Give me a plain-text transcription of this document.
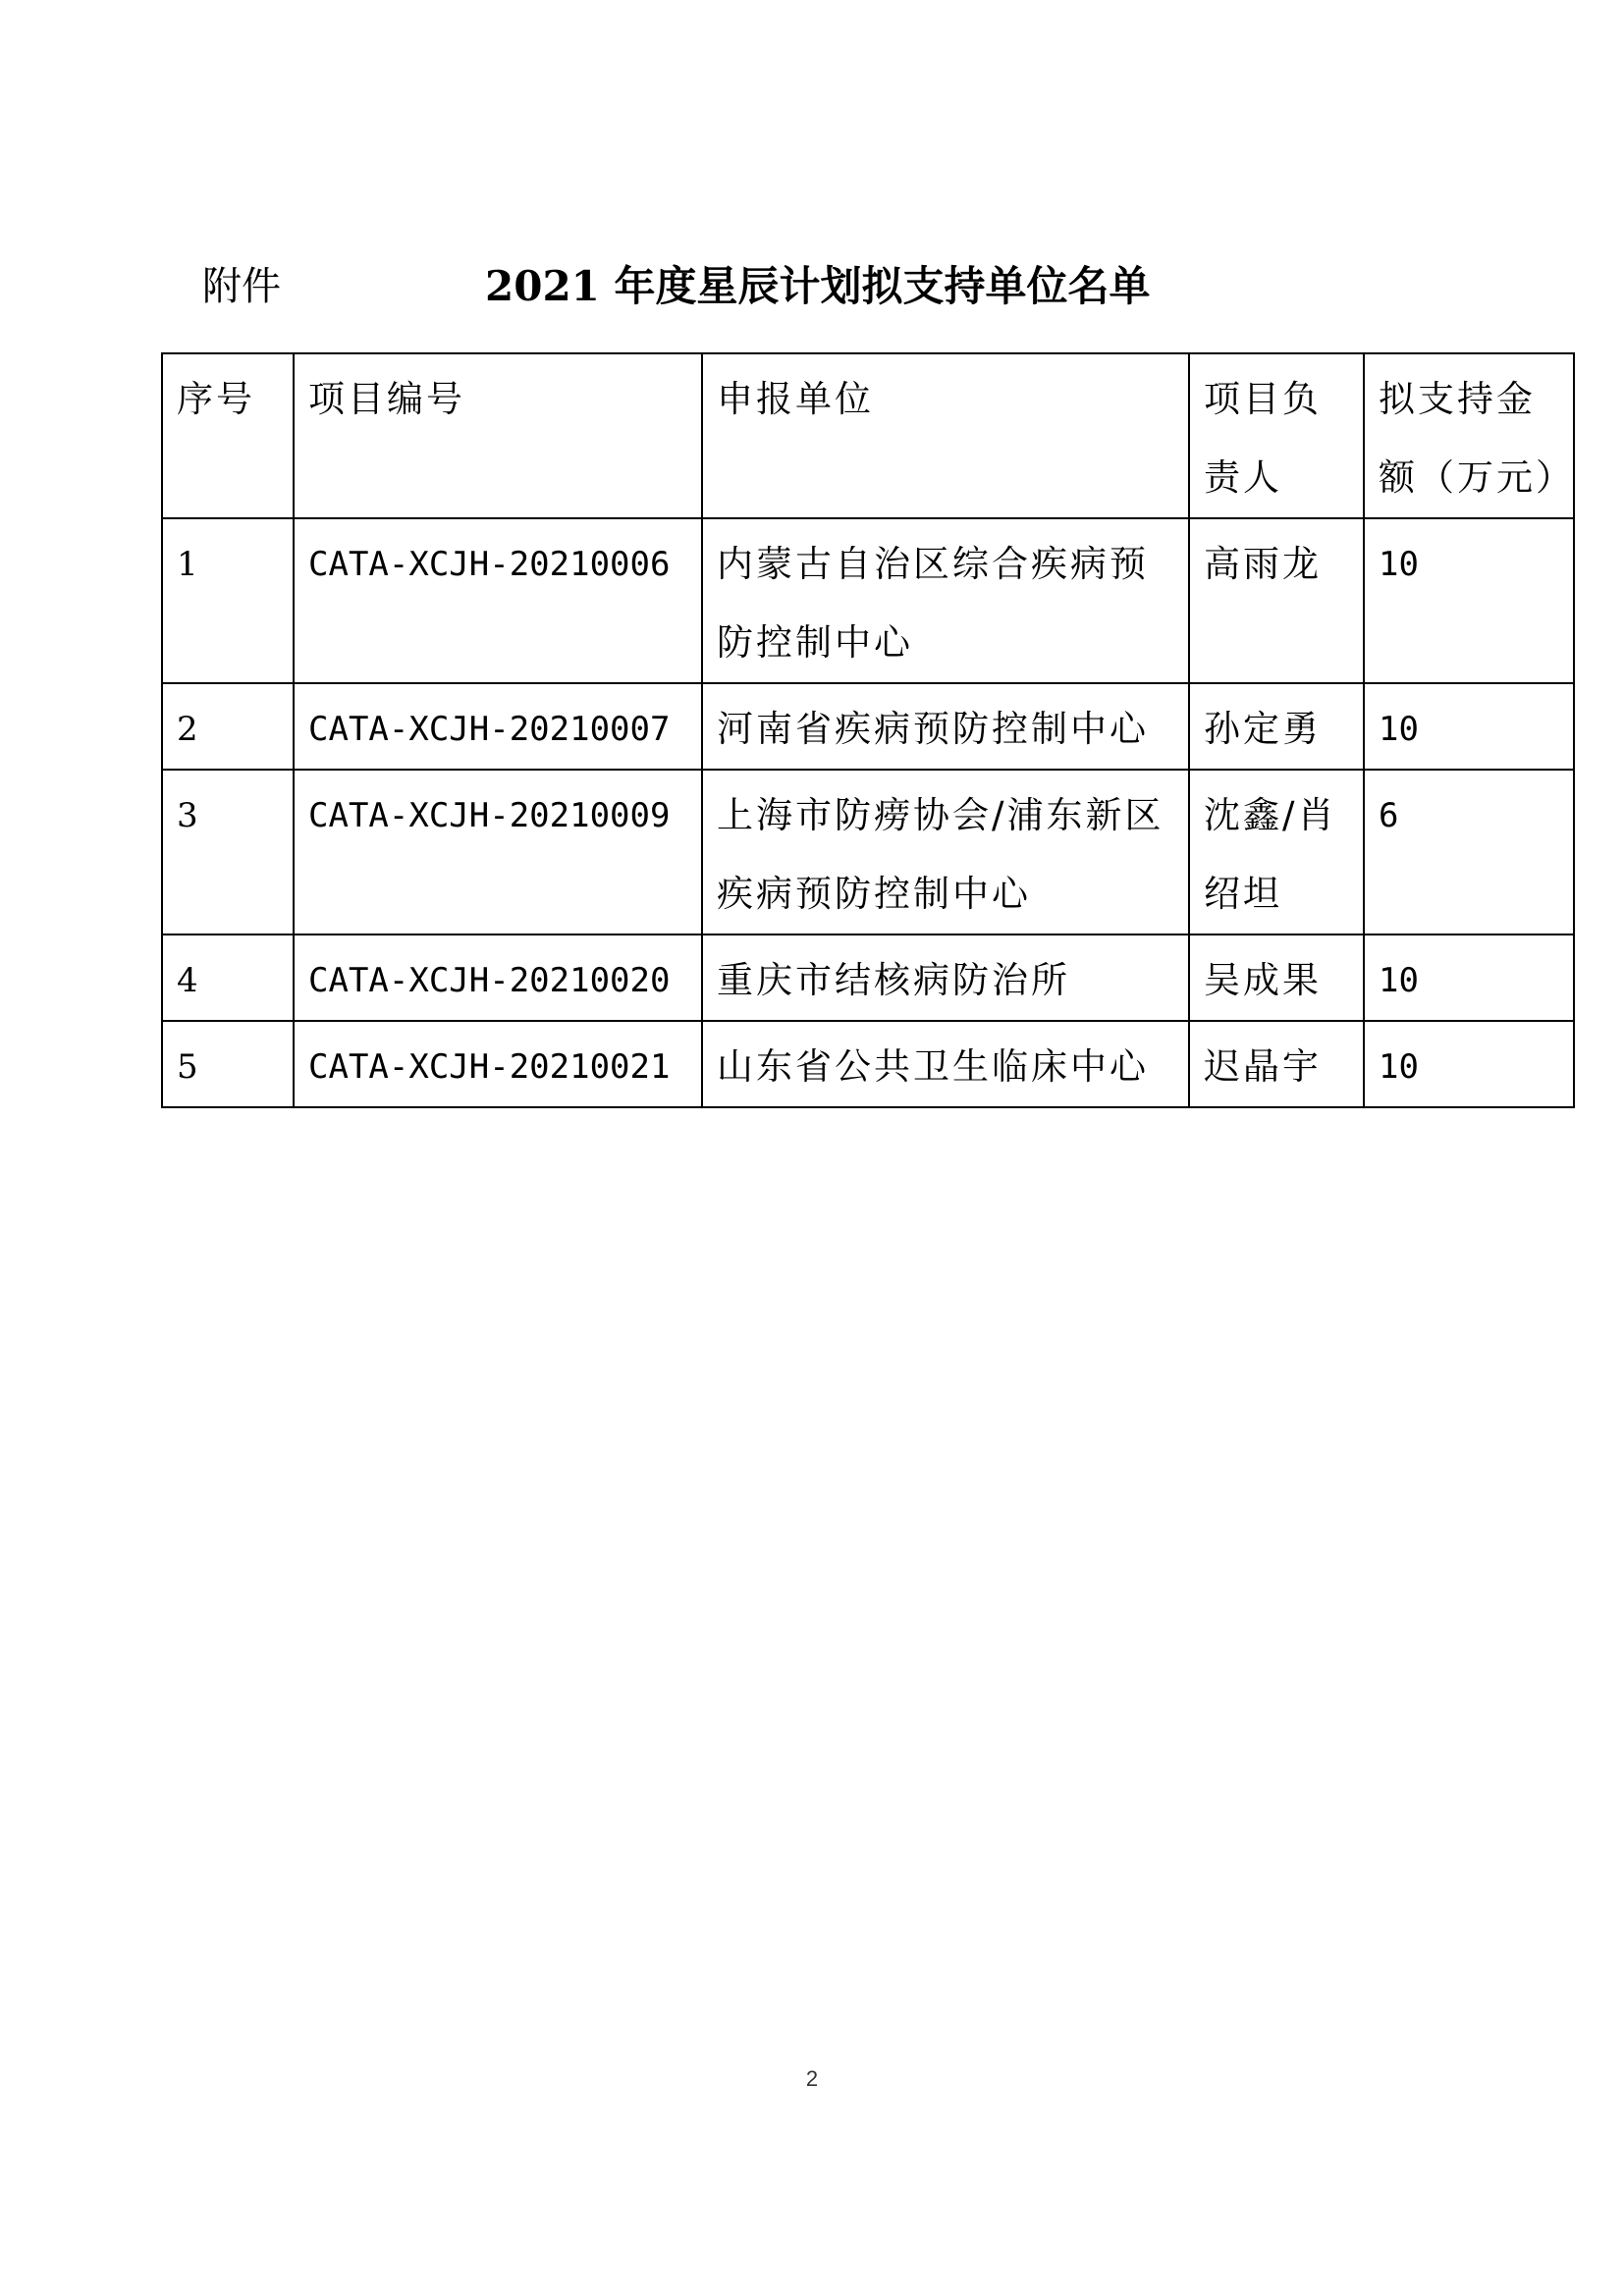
附件	2021 年度星辰计划拟支持单位名单
序号	项目编号	申报单位	项目负责人	拟支持金额（万元）
1	CATA-XCJH-20210006	内蒙古自治区综合疾病预防控制中心	高雨龙	10
2	CATA-XCJH-20210007	河南省疾病预防控制中心	孙定勇	10
3	CATA-XCJH-20210009	上海市防痨协会/浦东新区疾病预防控制中心	沈鑫/肖绍坦	6
4	CATA-XCJH-20210020	重庆市结核病防治所	吴成果	10
5	CATA-XCJH-20210021	山东省公共卫生临床中心	迟晶宇	10
2
